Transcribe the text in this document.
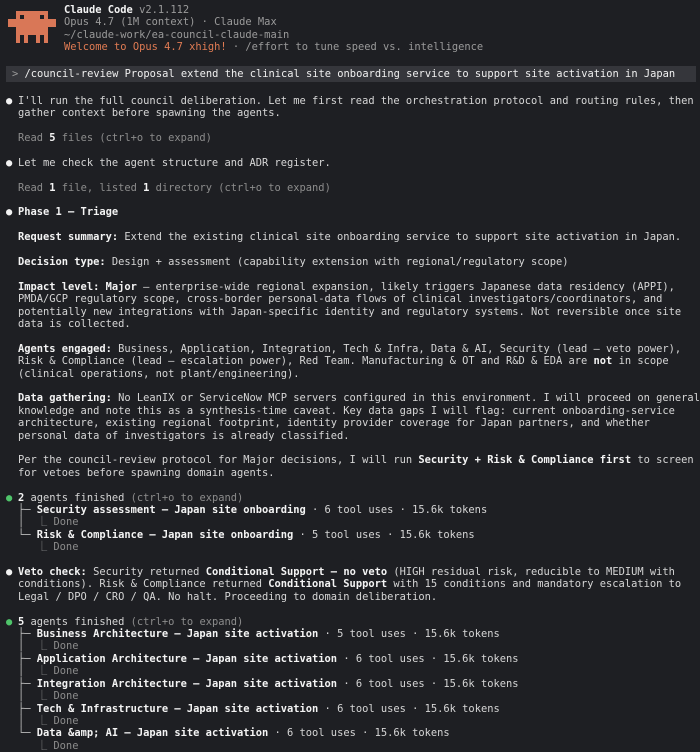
Claude Code v2.1.112
Opus 4.7 (1M context) · Claude Max
~/claude-work/ea-council-claude-main
Welcome to Opus 4.7 xhigh! · /effort to tune speed vs. intelligence
> /council-review Proposal extend the clinical site onboarding service to support site activation in Japan
● I'll run the full council deliberation. Let me first read the orchestration protocol and routing rules, then gather context before spawning the agents.
Read 5 files (ctrl+o to expand)
● Let me check the agent structure and ADR register.
Read 1 file, listed 1 directory (ctrl+o to expand)
● Phase 1 — Triage
Request summary: Extend the existing clinical site onboarding service to support site activation in Japan.
Decision type: Design + assessment (capability extension with regional/regulatory scope)
Impact level: Major — enterprise-wide regional expansion, likely triggers Japanese data residency (APPI), PMDA/GCP regulatory scope, cross-border personal-data flows of clinical investigators/coordinators, and potentially new integrations with Japan-specific identity and regulatory systems. Not reversible once site data is collected.
Agents engaged: Business, Application, Integration, Tech & Infra, Data & AI, Security (lead — veto power), Risk & Compliance (lead — escalation power), Red Team. Manufacturing & OT and R&D & EDA are not in scope (clinical operations, not plant/engineering).
Data gathering: No LeanIX or ServiceNow MCP servers configured in this environment. I will proceed on general knowledge and note this as a synthesis-time caveat. Key data gaps I will flag: current onboarding-service architecture, existing regional footprint, identity provider coverage for Japan partners, and whether personal data of investigators is already classified.
Per the council-review protocol for Major decisions, I will run Security + Risk & Compliance first to screen for vetoes before spawning domain agents.
● 2 agents finished (ctrl+o to expand)
├─ Security assessment — Japan site onboarding · 6 tool uses · 15.6k tokens
│  ⎿ Done
└─ Risk & Compliance — Japan site onboarding · 5 tool uses · 15.6k tokens
⎿ Done
● Veto check: Security returned Conditional Support — no veto (HIGH residual risk, reducible to MEDIUM with conditions). Risk & Compliance returned Conditional Support with 15 conditions and mandatory escalation to Legal / DPO / CRO / QA. No halt. Proceeding to domain deliberation.
● 5 agents finished (ctrl+o to expand)
├─ Business Architecture — Japan site activation · 5 tool uses · 15.6k tokens
│  ⎿ Done
├─ Application Architecture — Japan site activation · 6 tool uses · 15.6k tokens
│  ⎿ Done
├─ Integration Architecture — Japan site activation · 6 tool uses · 15.6k tokens
│  ⎿ Done
├─ Tech & Infrastructure — Japan site activation · 6 tool uses · 15.6k tokens
│  ⎿ Done
└─ Data &amp; AI — Japan site activation · 6 tool uses · 15.6k tokens
⎿ Done
